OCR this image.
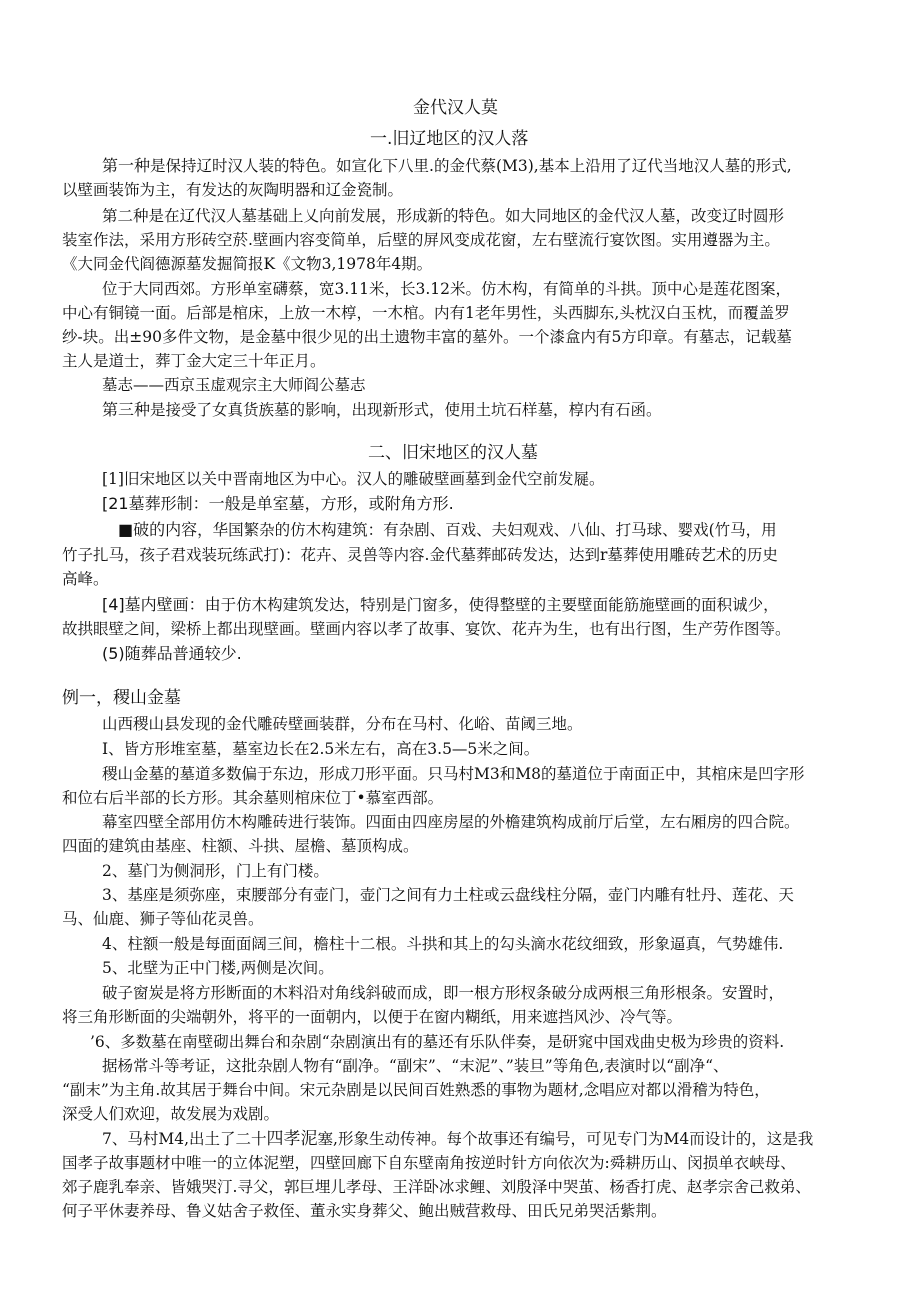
金代汉人莫
一.旧辽地区的汉人落
第一种是保持辽时汉人装的特色。如宣化下八里.的金代蔡(M3),基本上沿用了辽代当地汉人墓的形式,
以壁画装饰为主，有发达的灰陶明器和辽金瓷制。
第二种是在辽代汉人墓基础上乂向前发展，形成新的特色。如大同地区的金代汉人墓，改变辽时圆形
装室作法，采用方形砖空菸.壁画内容变简单，后壁的屏风变成花窗，左右壁流行宴饮图。实用遵器为主。
《大同金代阎德源墓发掘简报K《文物3,1978年4期。
位于大同西郊。方形单室礴蔡，宽3.11米，长3.12米。仿木构，有简单的斗拱。顶中心是莲花图案，
中心有铜镜一面。后部是棺床，上放一木椁，一木棺。内有1老年男性，头西脚东,头枕汉白玉枕，而覆盖罗
纱-块。出±90多件文物，是金墓中很少见的出土遗物丰富的墓外。一个漆盒内有5方印章。有墓志，记载墓
主人是道士，葬丁金大定三十年正月。
墓志——西京玉虚观宗主大师阎公墓志
第三种是接受了女真货族墓的影响，出现新形式，使用土坑石样墓，椁内有石函。
二、旧宋地区的汉人墓
[1]旧宋地区以关中晋南地区为中心。汉人的雕破壁画墓到金代空前发屣。
[21墓葬形制：一般是单室墓，方形，或附角方形.
■破的内容，华国繁杂的仿木构建筑：有杂剧、百戏、夫妇观戏、八仙、打马球、婴戏(竹马，用
竹子扎马，孩子君戏装玩练武打)：花卉、灵兽等内容.金代墓葬邮砖发达，达到r墓葬使用雕砖艺术的历史
高峰。
[4]墓内壁画：由于仿木构建筑发达，特别是门窗多，使得整壁的主要壁面能筋施壁画的面积诚少，
故拱眼壁之间，梁桥上都出现壁画。壁画内容以孝了故事、宴饮、花卉为生，也有出行图，生产劳作图等。
(5)随葬品普通较少.
例一，稷山金墓
山西稷山县发现的金代雕砖壁画装群，分布在马村、化峪、苗阈三地。
I、皆方形堆室墓，墓室边长在2.5米左右，高在3.5—5米之间。
稷山金墓的墓道多数偏于东边，形成刀形平面。只马村M3和M8的墓道位于南面正中，其棺床是凹字形
和位右后半部的长方形。其余墓则棺床位丁•慕室西部。
幕室四壁全部用仿木构雕砖进行装饰。四面由四座房屋的外檐建筑构成前厅后堂，左右厢房的四合院。
四面的建筑由基座、柱额、斗拱、屋檐、墓顶构成。
2、墓门为侧洞形，门上有门楼。
3、基座是须弥座，束腰部分有壶门，壶门之间有力土柱或云盘线柱分隔，壶门内雕有牡丹、莲花、天
马、仙鹿、狮子等仙花灵兽。
4、柱额一般是每面面阔三间，檐柱十二根。斗拱和其上的勾头滴水花纹细致，形象逼真，气势雄伟.
5、北壁为正中门楼,两侧是次间。
破子窗炭是将方形断面的木料沿对角线斜破而成，即一根方形杈条破分成两根三角形根条。安置时，
将三角形断面的尖端朝外，将平的一面朝内，以便于在窗内糊纸，用来遮挡风沙、冷气等。
’6、多数墓在南壁砌出舞台和杂剧“杂剧演出有的墓还有乐队伴奏，是研窕中国戏曲史极为珍贵的资料.
据杨常斗等考证，这批杂剧人物有“副净。“副宋”、“末泥”、”装旦”等角色,表演时以“副净“、
“副末”为主角.故其居于舞台中间。宋元杂剧是以民间百姓熟悉的事物为题材,念唱应对都以滑稽为特色，
深受人们欢迎，故发展为戏剧。
7、马村M4,出土了二十四孝泥塞,形象生动传神。每个故事还有编号，可见专门为M4而设计的，这是我
国孝子故事题材中唯一的立体泥塑，四壁回廊下自东壁南角按逆时针方向依次为:舜耕历山、闵损单衣峡母、
郊子鹿乳奉亲、皆娥哭汀.寻父，郭巨埋儿孝母、王洋卧冰求鲤、刘殷泽中哭茧、杨香打虎、赵孝宗舍己救弟、
何子平休妻养母、鲁义姑舍子救侄、董永实身葬父、鲍出贼营救母、田氏兄弟哭活紫荆。
